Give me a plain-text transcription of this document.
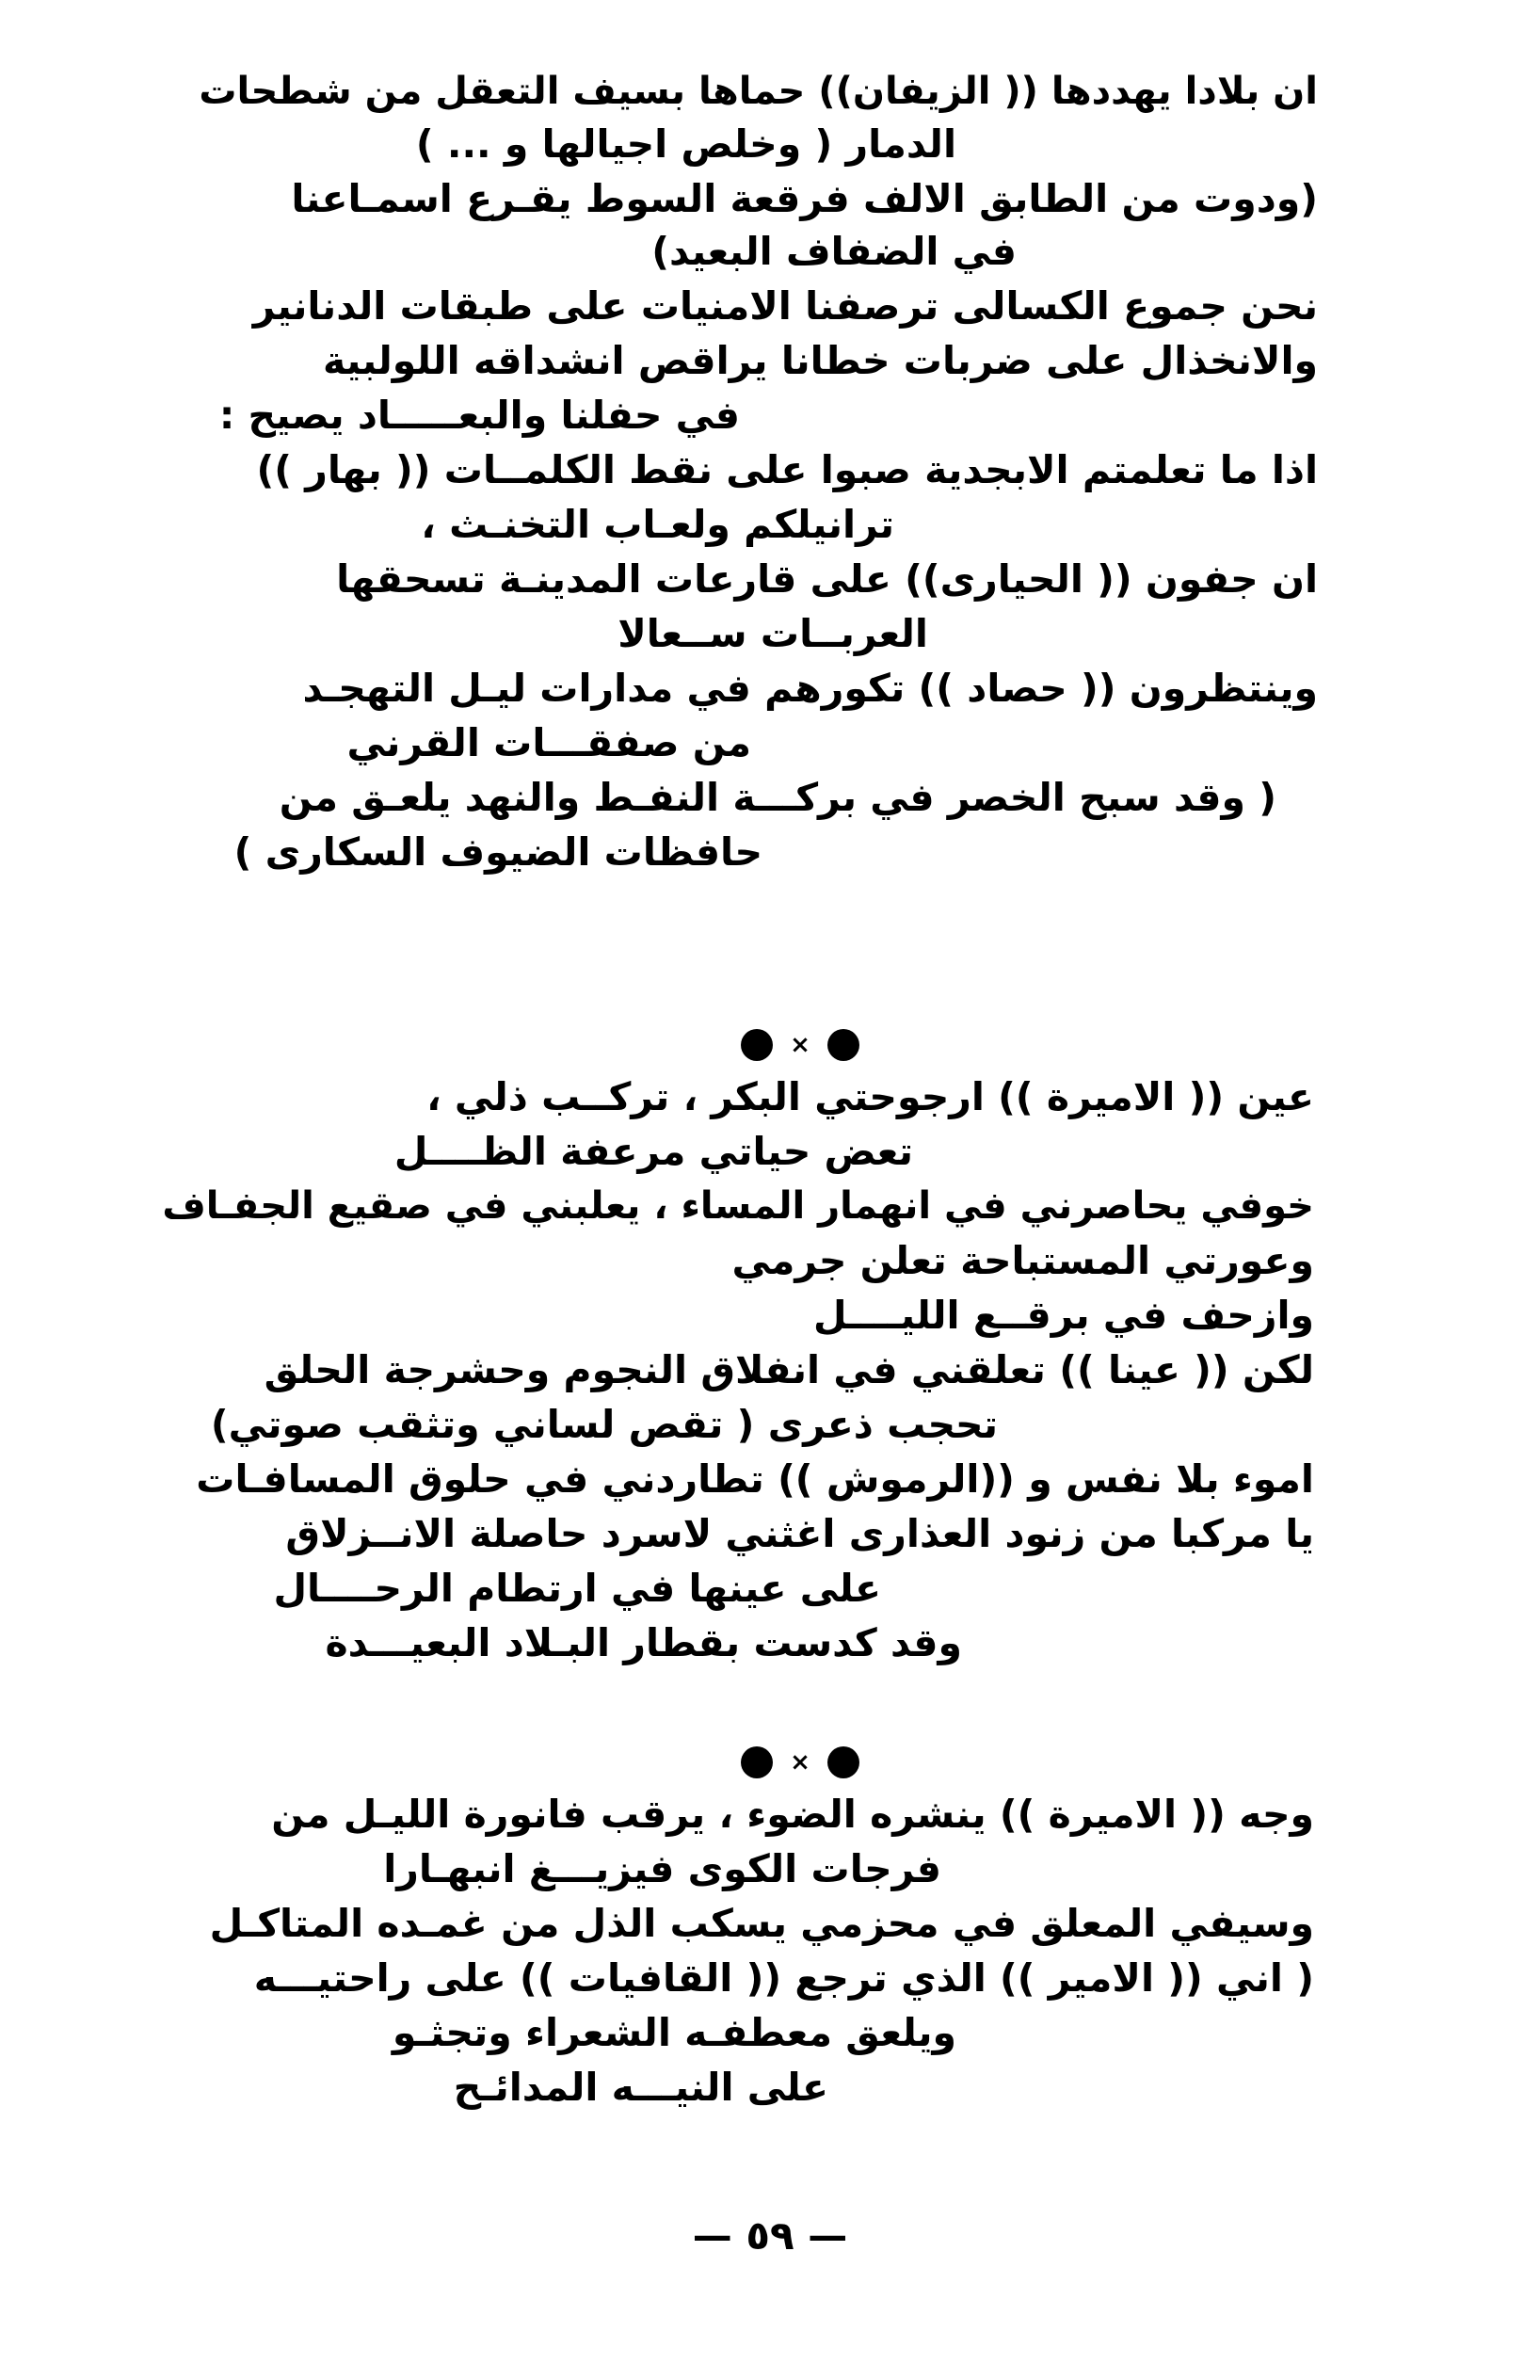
ان بلادا يهددها (( الزيفان)) حماها بسيف التعقل من شطحات
الدمار ( وخلص اجيالها و ... )
(ودوت من الطابق الالف فرقعة السوط يقـرع اسمـاعنا
في الضفاف البعيد)
نحن جموع الكسالى ترصفنا الامنيات على طبقات الدنانير
والانخذال على ضربات خطانا يراقص انشداقه اللولبية
في حفلنا والبعـــــاد يصيح :
اذا ما تعلمتم الابجدية صبوا على نقط الكلمــات (( بهار ))
ترانيلكم ولعـاب التخنـث ،
ان جفون (( الحيارى)) على قارعات المدينـة تسحقها
العربــات ســعالا
وينتظرون (( حصاد )) تكورهم في مدارات ليـل التهجـد
من صفقـــات القرني
( وقد سبح الخصر في بركـــة النفـط والنهد يلعـق من
حافظات الضيوف السكارى )
×
عين (( الاميرة )) ارجوحتي البكر ، تركــب ذلي ،
تعض حياتي مرعفة الظــــل
خوفي يحاصرني في انهمار المساء ، يعلبني في صقيع الجفـاف
وعورتي المستباحة تعلن جرمي
وازحف في برقــع الليــــل
لكن (( عينا )) تعلقني في انفلاق النجوم وحشرجة الحلق
تحجب ذعرى ( تقص لساني وتثقب صوتي)
اموء بلا نفس و ((الرموش )) تطاردني في حلوق المسافـات
يا مركبا من زنود العذارى اغثني لاسرد حاصلة الانــزلاق
على عينها في ارتطام الرحــــال
وقد كدست بقطار البـلاد البعيـــدة
×
وجه (( الاميرة )) ينشره الضوء ، يرقب فانورة الليـل من
فرجات الكوى فيزيـــغ انبهـارا
وسيفي المعلق في محزمي يسكب الذل من غمـده المتاكـل
( اني (( الامير )) الذي ترجع (( القافيات )) على راحتيـــه
ويلعق معطفـه الشعراء وتجثـو
على النيـــه المدائـح
— ٥٩ —
